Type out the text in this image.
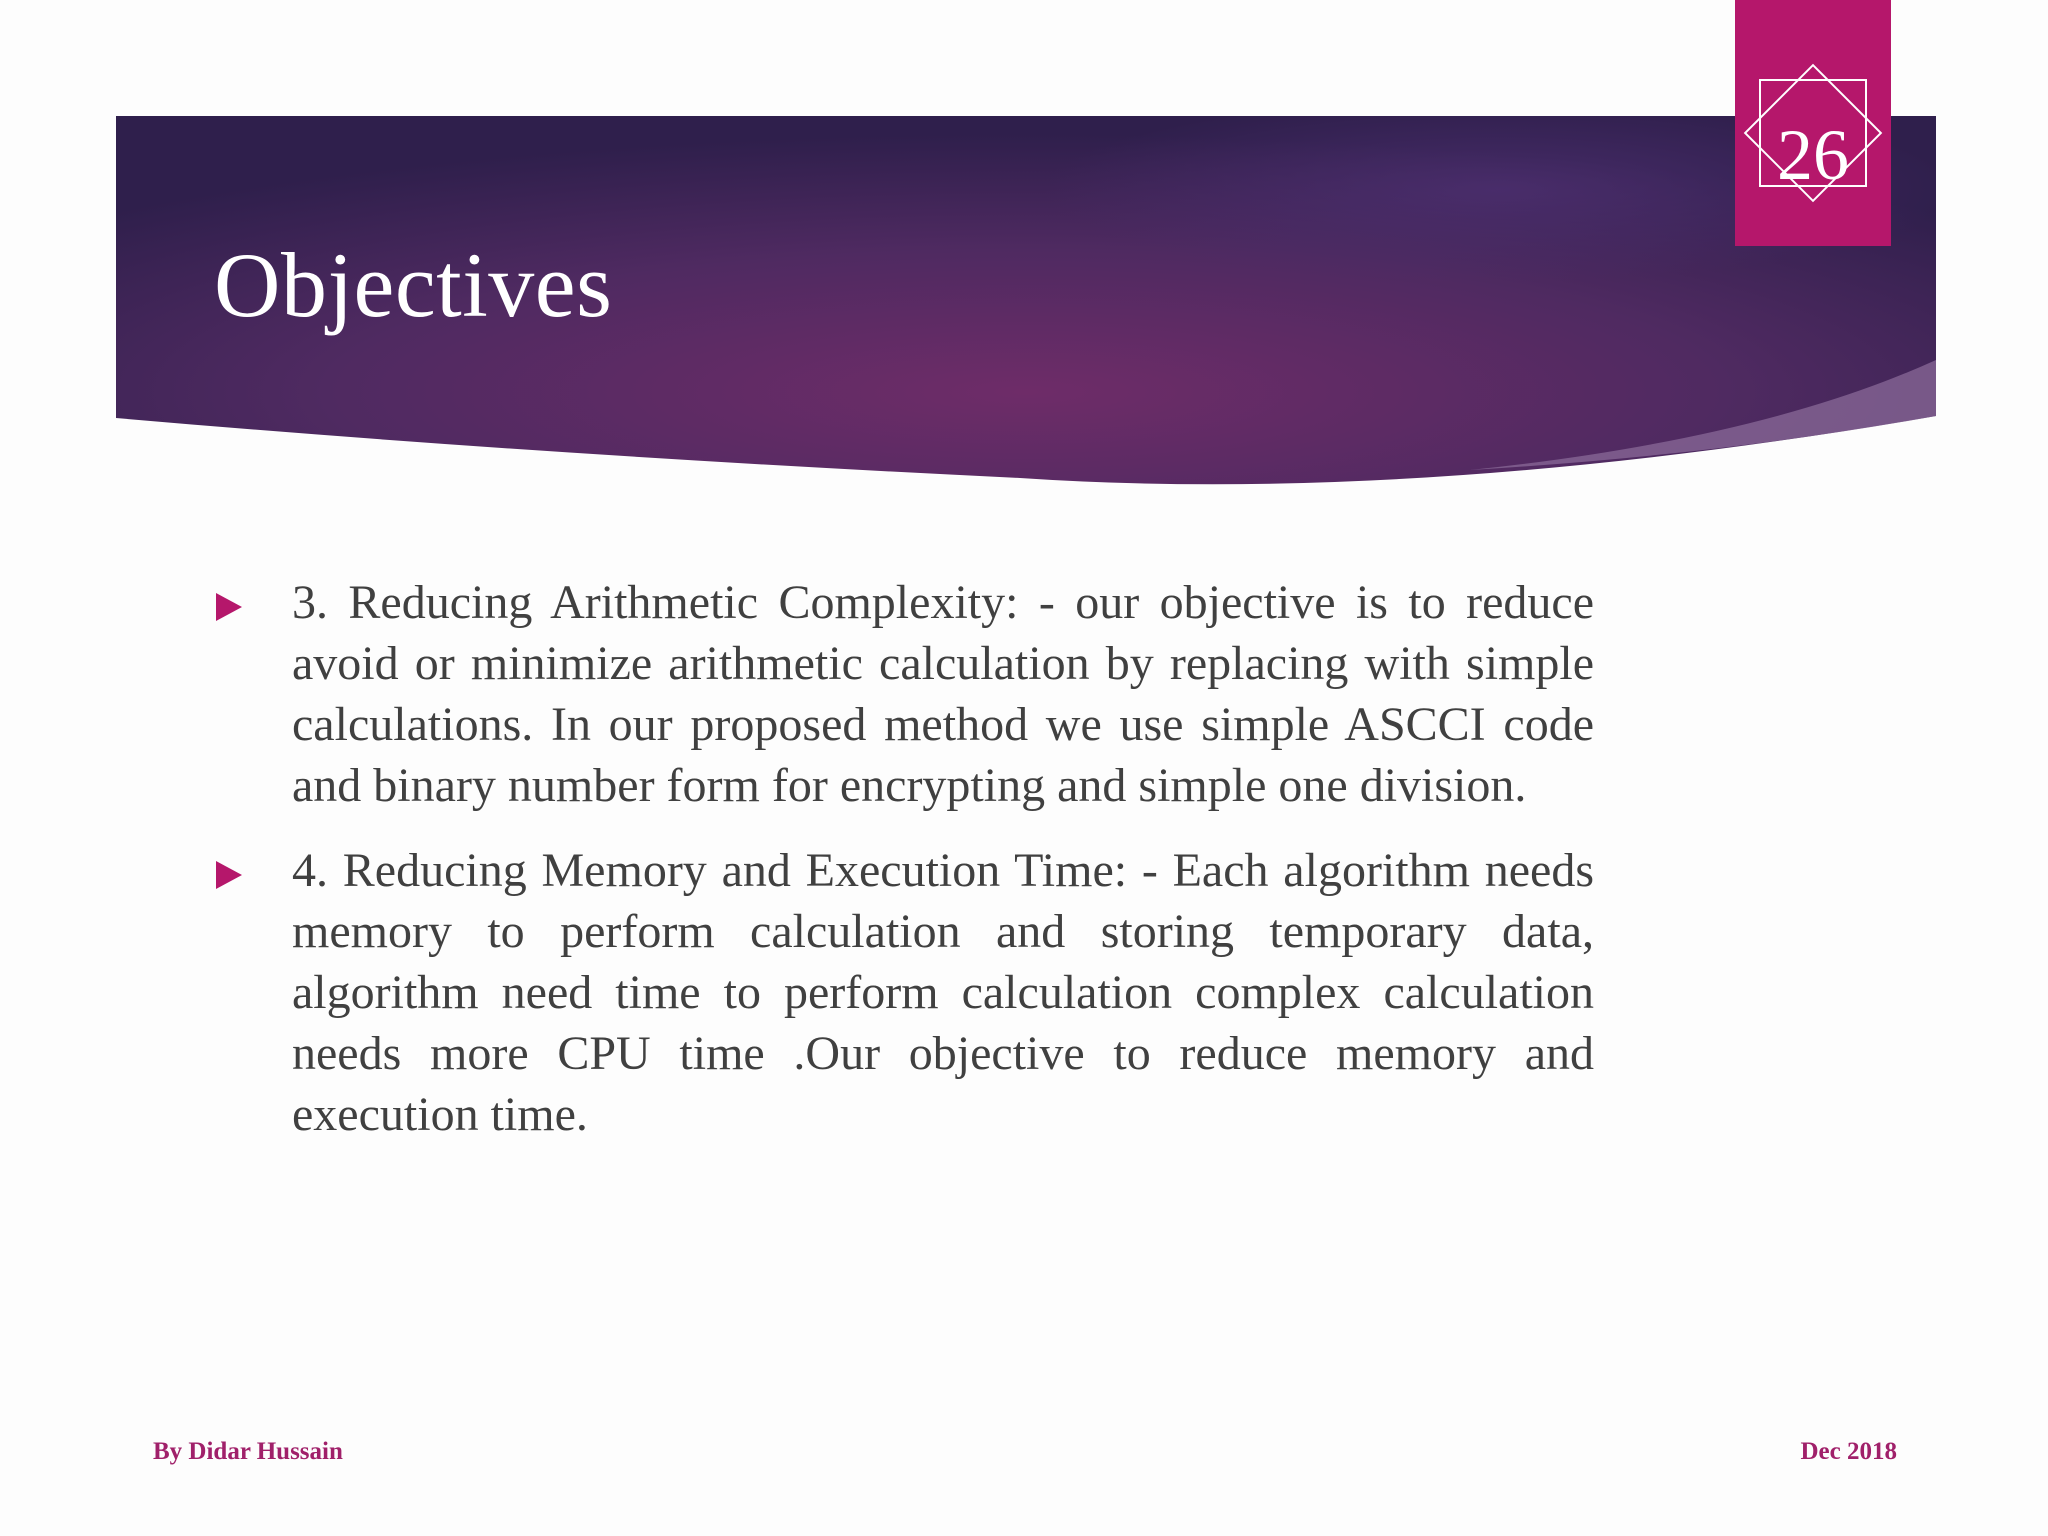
Objectives
26

3. Reducing Arithmetic Complexity: - our objective is to reduce avoid or minimize arithmetic calculation by replacing with simple calculations. In our proposed method we use simple ASCCI code and binary number form for encrypting and simple one division.

4. Reducing Memory and Execution Time: - Each algorithm needs memory to perform calculation and storing temporary data, algorithm need time to perform calculation complex calculation needs more CPU time .Our objective to reduce memory and execution time.

By Didar Hussain	Dec 2018
